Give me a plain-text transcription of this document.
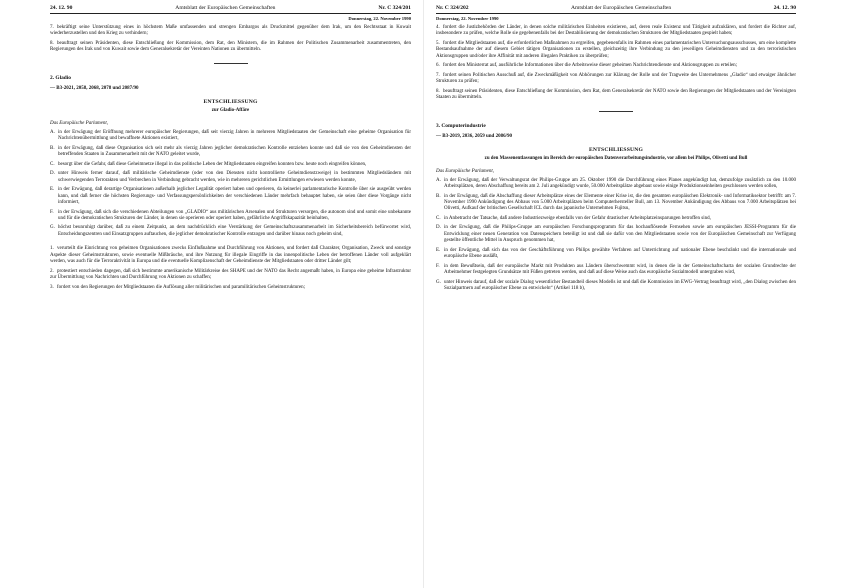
24. 12. 90	Amtsblatt der Europäischen Gemeinschaften	Nr. C 324/201
Donnerstag, 22. November 1990

7. bekräftigt seine Unterstützung eines in höchstem Maße umfassenden und strengen Embargos als Druckmittel gegenüber dem Irak, um den Rechtsstaat in Kuwait wiederherzustellen und den Krieg zu verhindern;

8. beauftragt seinen Präsidenten, diese Entschließung der Kommission, dem Rat, den Ministern, die im Rahmen der Politischen Zusammenarbeit zusammentreten, den Regierungen des Irak und von Kuwait sowie dem Generalsekretär der Vereinten Nationen zu übermitteln.

2. Gladio
— B3-2021, 2058, 2068, 2078 und 2087/90
ENTSCHLIESSUNG
zur Gladio-Affäre
Das Europäische Parlament,

A. in der Erwägung der Eröffnung mehrerer europäischer Regierungen, daß seit vierzig Jahren in mehreren Mitgliedstaaten der Gemeinschaft eine geheime Organisation für Nachrichtenübermittlung und bewaffnete Aktionen existiert,

B. in der Erwägung, daß diese Organisation sich seit mehr als vierzig Jahren jeglicher demokratischen Kontrolle entziehen konnte und daß sie von den Geheimdiensten der betreffenden Staaten in Zusammenarbeit mit der NATO geleitet wurde,

C. besorgt über die Gefahr, daß diese Geheimnetze illegal in das politische Leben der Mitgliedstaaten eingreifen konnten bzw. heute noch eingreifen können,

D. unter Hinweis ferner darauf, daß militärische Geheimdienste (oder von den Diensten nicht kontrollierte Geheimdienstzweige) in bestimmten Mitgliedsländern mit schwerwiegenden Terrorakten und Verbrechen in Verbindung gebracht werden, wie in mehreren gerichtlichen Ermittlungen erwiesen werden konnte,

E. in der Erwägung, daß derartige Organisationen außerhalb jeglicher Legalität operiert haben und operieren, da keinerlei parlamentarische Kontrolle über sie ausgeübt werden kann, und daß ferner die höchsten Regierungs- und Verfassungspersönlichkeiten der verschiedenen Länder mehrfach behauptet haben, sie seien über diese Vorgänge nicht informiert,

F. in der Erwägung, daß sich die verschiedenen Abteilungen von „GLADIO“ aus militärischen Arsenalen und Strukturen versorgen, die autonom sind und somit eine unbekannte und für die demokratischen Strukturen der Länder, in denen sie operieren oder operiert haben, gefährliche Angriffskapazität beinhalten,

G. höchst beunruhigt darüber, daß zu einem Zeitpunkt, an dem nachdrücklich eine Verstärkung der Gemeinschaftszusammenarbeit im Sicherheitsbereich befürwortet wird, Entscheidungszentren und Einsatzgruppen auftauchen, die jeglicher demokratischer Kontrolle entzogen und darüber hinaus noch geheim sind,

1. verurteilt die Einrichtung von geheimen Organisationen zwecks Einflußnahme und Durchführung von Aktionen, und fordert daß Charakter, Organisation, Zweck und sonstige Aspekte dieser Geheimstrukturen, sowie eventuelle Mißbräuche, und ihre Nutzung für illegale Eingriffe in das innenpolitische Leben der betroffenen Länder voll aufgeklärt werden, was auch für die Terroraktivität in Europa und die eventuelle Komplizenschaft der Geheimdienste der Mitgliedstaaten oder dritter Länder gilt;

2. protestiert entschieden dagegen, daß sich bestimmte amerikanische Militärkreise des SHAPE und der NATO das Recht angemaßt haben, in Europa eine geheime Infrastruktur zur Übermittlung von Nachrichten und Durchführung von Aktionen zu schaffen;

3. fordert von den Regierungen der Mitgliedstaaten die Auflösung aller militärischen und paramilitärischen Geheimstrukturen;

Nr. C 324/202	Amtsblatt der Europäischen Gemeinschaften	24. 12. 90
Donnerstag, 22. November 1990

4. fordert die Justizbehörden der Länder, in denen solche militärischen Einheiten existieren, auf, deren reale Existenz und Tätigkeit aufzuklären, und fordert die Richter auf, insbesondere zu prüfen, welche Rolle sie gegebenenfalls bei der Destabilisierung der demokratischen Strukturen der Mitgliedstaaten gespielt haben;

5. fordert die Mitgliedstaaten auf, die erforderlichen Maßnahmen zu ergreifen, gegebenenfalls im Rahmen eines parlamentarischen Untersuchungsausschusses, um eine komplette Bestandsaufnahme der auf diesem Gebiet tätigen Organisationen zu erstellen, gleichzeitig ihre Verbindung zu den jeweiligen Geheimdiensten und zu den terroristischen Aktionsgruppen und/oder ihre Affinität mit anderen illegalen Praktiken zu überprüfen;

6. fordert den Ministerrat auf, ausführliche Informationen über die Arbeitsweise dieser geheimen Nachrichtendienste und Aktionsgruppen zu erteilen;

7. fordert seinen Politischen Ausschuß auf, die Zweckmäßigkeit von Abhörungen zur Klärung der Rolle und der Tragweite des Unternehmens „Gladio“ und etwaiger ähnlicher Strukturen zu prüfen;

8. beauftragt seinen Präsidenten, diese Entschließung der Kommission, dem Rat, dem Generalsekretär der NATO sowie den Regierungen der Mitgliedstaaten und der Vereinigten Staaten zu übermitteln.

3. Computerindustrie
— B3-2019, 2036, 2059 und 2086/90
ENTSCHLIESSUNG
zu den Massenentlassungen im Bereich der europäischen Datenverarbeitungsindustrie, vor allem bei Philips, Olivetti und Bull
Das Europäische Parlament,

A. in der Erwägung, daß der Verwaltungsrat der Philips-Gruppe am 25. Oktober 1990 die Durchführung eines Planes angekündigt hat, demzufolge zusätzlich zu den 10.000 Arbeitsplätzen, deren Abschaffung bereits am 2. Juli angekündigt wurde, 50.000 Arbeitsplätze abgebaut sowie einige Produktionseinheiten geschlossen werden sollen,

B. in der Erwägung, daß die Abschaffung dieser Arbeitsplätze eines der Elemente einer Krise ist, die den gesamten europäischen Elektronik- und Informatiksektor betrifft: am 7. November 1990 Ankündigung des Abbaus von 5.000 Arbeitsplätzen beim Computerhersteller Bull, am 13. November Ankündigung des Abbaus von 7.000 Arbeitsplätzen bei Olivetti, Aufkauf der britischen Gesellschaft ICL durch das japanische Unternehmen Fujitsu,

C. in Anbetracht der Tatsache, daß andere Industriezweige ebenfalls von der Gefahr drastischer Arbeitsplatzeinsparungen betroffen sind,

D. in der Erwägung, daß die Philips-Gruppe am europäischen Forschungsprogramm für das hochauflösende Fernsehen sowie am europäischen JESSI-Programm für die Entwicklung einer neuen Generation von Datenspeichern beteiligt ist und daß sie dafür von den Mitgliedstaaten sowie von der Europäischen Gemeinschaft zur Verfügung gestellte öffentliche Mittel in Anspruch genommen hat,

E. in der Erwägung, daß sich das von der Geschäftsführung von Philips gewählte Verfahren auf Unterrichtung auf nationaler Ebene beschränkt und die internationale und europäische Ebene ausläßt,

F. in dem Bewußtsein, daß der europäische Markt mit Produkten aus Ländern überschwemmt wird, in denen die in der Gemeinschaftscharta der sozialen Grundrechte der Arbeitnehmer festgelegten Grundsätze mit Füßen getreten werden, und daß auf diese Weise auch das europäische Sozialmodell untergraben wird,

G. unter Hinweis darauf, daß der soziale Dialog wesentlicher Bestandteil dieses Modells ist und daß die Kommission im EWG-Vertrag beauftragt wird, „den Dialog zwischen den Sozialpartnern auf europäischer Ebene zu entwickeln“ (Artikel 118 b),
